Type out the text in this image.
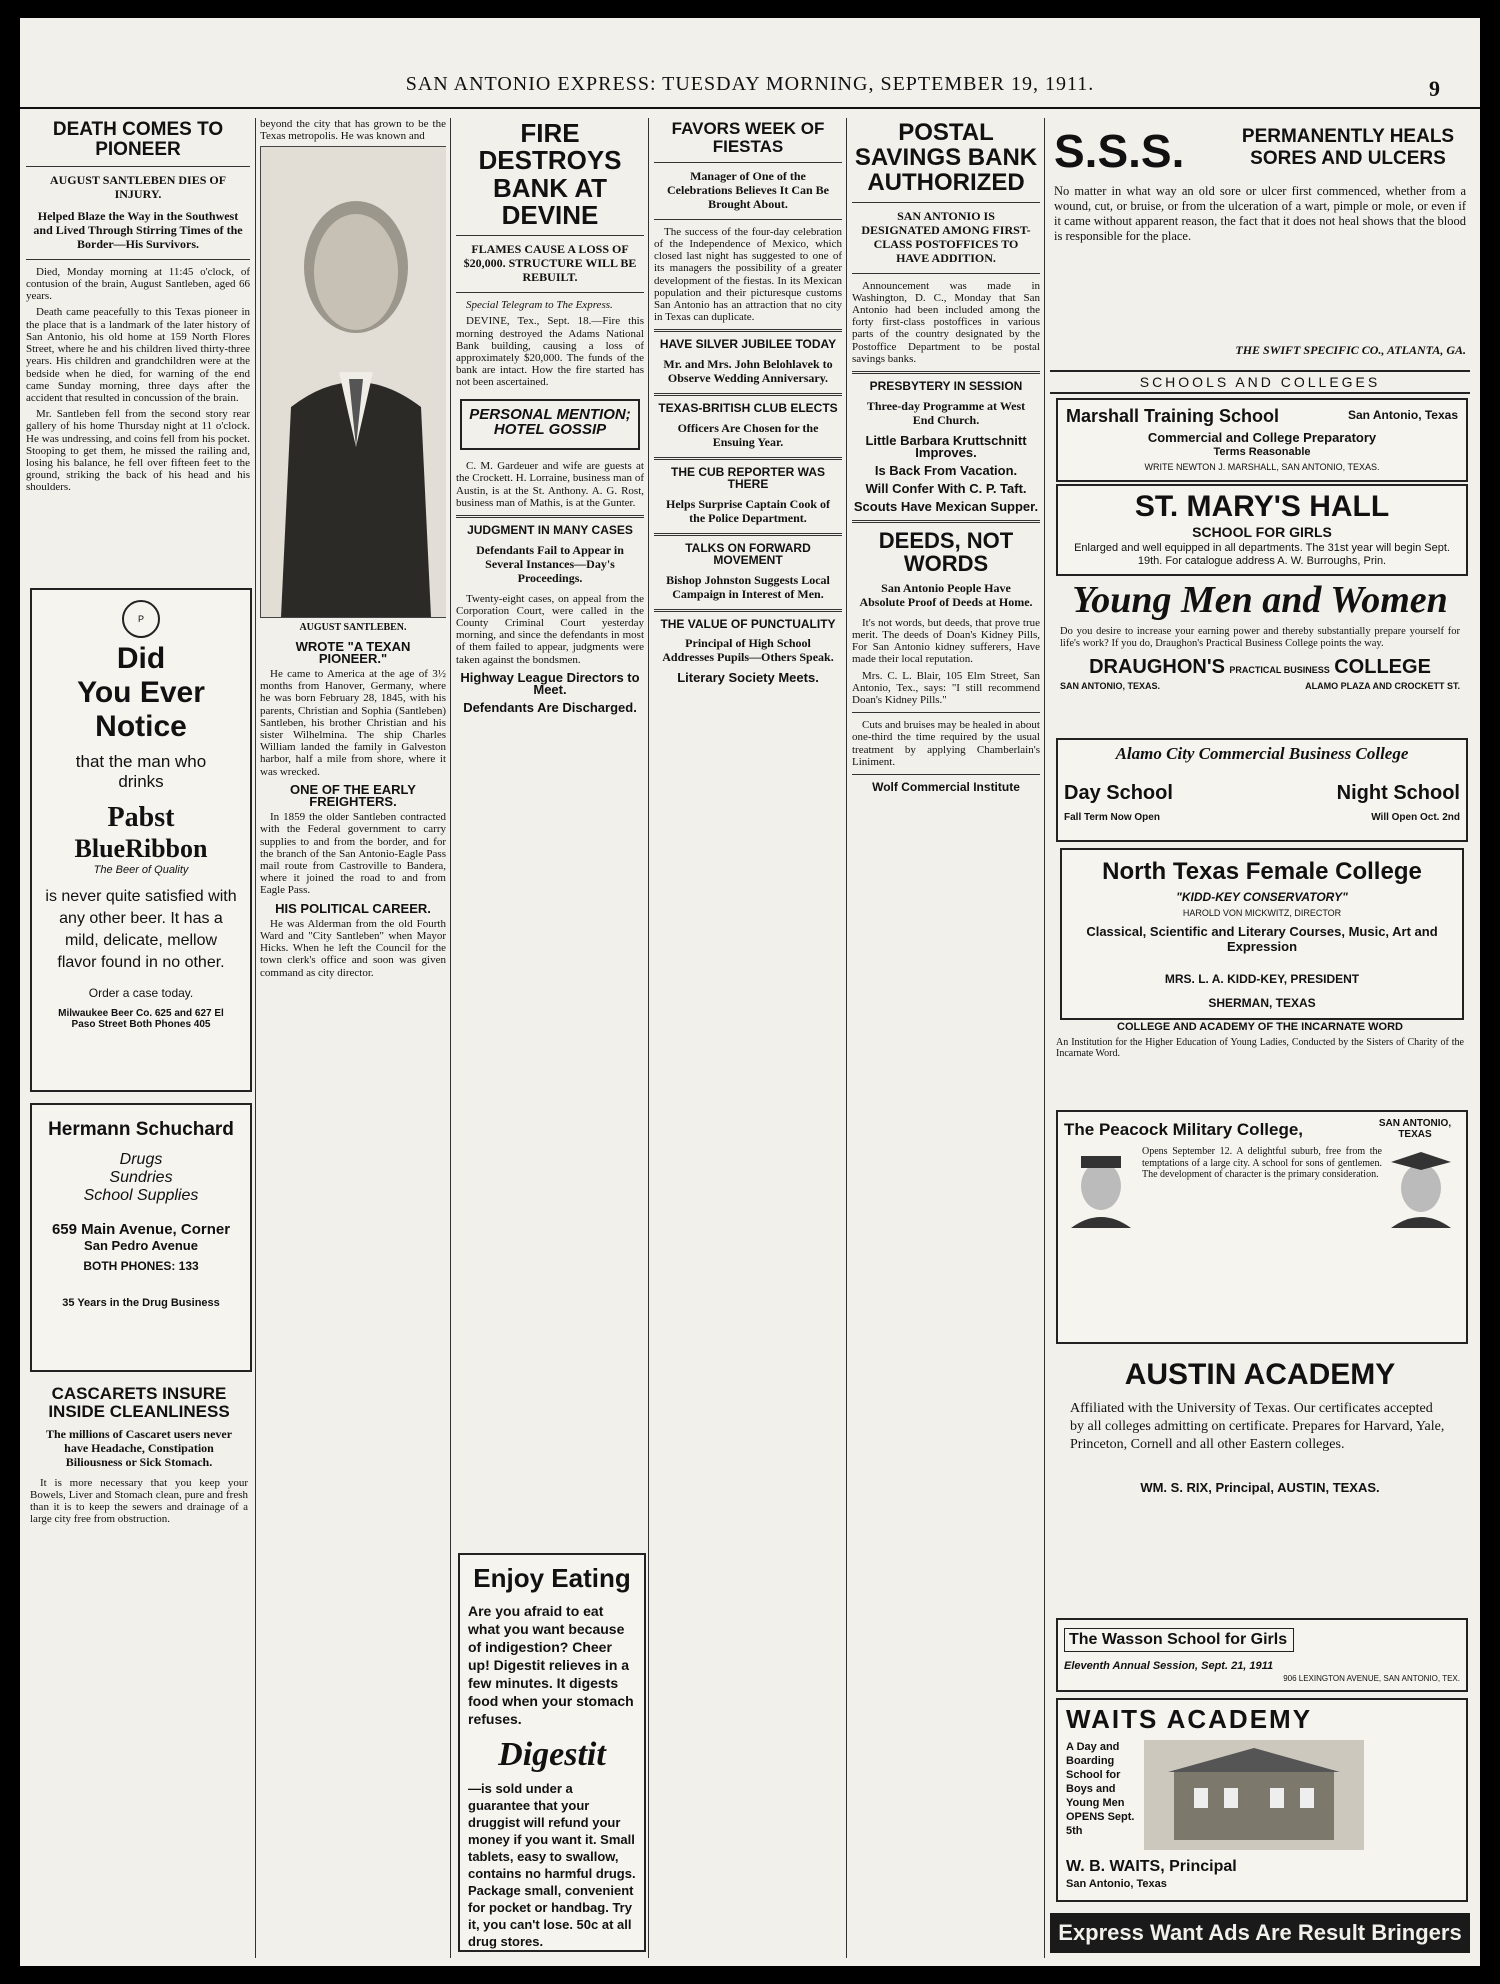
SAN ANTONIO EXPRESS: TUESDAY MORNING, SEPTEMBER 19, 1911.	9
DEATH COMES TO PIONEER
AUGUST SANTLEBEN DIES OF INJURY.
Helped Blaze the Way in the Southwest and Lived Through Stirring Times of the Border—His Survivors.

Died, Monday morning at 11:45 o'clock, of contusion of the brain, August Santleben, aged 66 years.

Death came peacefully to this Texas pioneer in the place that is a landmark of the later history of San Antonio, his old home at 159 North Flores Street, where he and his children lived thirty-three years. His children and grandchildren were at the bedside when he died, for warning of the end came Sunday morning, three days after the accident that resulted in concussion of the brain.

Mr. Santleben fell from the second story rear gallery of his home Thursday night at 11 o'clock. He was undressing, and coins fell from his pocket. Stooping to get them, he missed the railing and, losing his balance, he fell over fifteen feet to the ground, striking the back of his head and his shoulders.

P
Did
You Ever
Notice
that the man who
drinks
Pabst
BlueRibbon
The Beer of Quality
is never quite satisfied with any other beer. It has a mild, delicate, mellow flavor found in no other.
Order a case today.
Milwaukee Beer Co. 625 and 627 El Paso Street Both Phones 405
Hermann Schuchard
Drugs
Sundries
School Supplies
659 Main Avenue, Corner
San Pedro Avenue
BOTH PHONES: 133
35 Years in the Drug Business
CASCARETS INSURE INSIDE CLEANLINESS
The millions of Cascaret users never have Headache, Constipation Biliousness or Sick Stomach.

It is more necessary that you keep your Bowels, Liver and Stomach clean, pure and fresh than it is to keep the sewers and drainage of a large city free from obstruction.

beyond the city that has grown to be the Texas metropolis. He was known and

AUGUST SANTLEBEN.
WROTE "A TEXAN PIONEER."

He came to America at the age of 3½ months from Hanover, Germany, where he was born February 28, 1845, with his parents, Christian and Sophia (Santleben) Santleben, his brother Christian and his sister Wilhelmina. The ship Charles William landed the family in Galveston harbor, half a mile from shore, where it was wrecked.

ONE OF THE EARLY FREIGHTERS.

In 1859 the older Santleben contracted with the Federal government to carry supplies to and from the border, and for the branch of the San Antonio-Eagle Pass mail route from Castroville to Bandera, where it joined the road to and from Eagle Pass.

HIS POLITICAL CAREER.

He was Alderman from the old Fourth Ward and "City Santleben" when Mayor Hicks. When he left the Council for the town clerk's office and soon was given command as city director.

FIRE DESTROYS BANK AT DEVINE
FLAMES CAUSE A LOSS OF $20,000. STRUCTURE WILL BE REBUILT.

Special Telegram to The Express.

DEVINE, Tex., Sept. 18.—Fire this morning destroyed the Adams National Bank building, causing a loss of approximately $20,000. The funds of the bank are intact. How the fire started has not been ascertained.

PERSONAL MENTION; HOTEL GOSSIP

C. M. Gardeuer and wife are guests at the Crockett. H. Lorraine, business man of Austin, is at the St. Anthony. A. G. Rost, business man of Mathis, is at the Gunter.

JUDGMENT IN MANY CASES
Defendants Fail to Appear in Several Instances—Day's Proceedings.

Twenty-eight cases, on appeal from the Corporation Court, were called in the County Criminal Court yesterday morning, and since the defendants in most of them failed to appear, judgments were taken against the bondsmen.

Highway League Directors to Meet.
Defendants Are Discharged.
Enjoy Eating
Are you afraid to eat what you want because of indigestion? Cheer up! Digestit relieves in a few minutes. It digests food when your stomach refuses.
Digestit
—is sold under a guarantee that your druggist will refund your money if you want it. Small tablets, easy to swallow, contains no harmful drugs. Package small, convenient for pocket or handbag. Try it, you can't lose. 50c at all drug stores.
FAVORS WEEK OF FIESTAS
Manager of One of the Celebrations Believes It Can Be Brought About.

The success of the four-day celebration of the Independence of Mexico, which closed last night has suggested to one of its managers the possibility of a greater development of the fiestas. In its Mexican population and their picturesque customs San Antonio has an attraction that no city in Texas can duplicate.

HAVE SILVER JUBILEE TODAY
Mr. and Mrs. John Belohlavek to Observe Wedding Anniversary.
TEXAS-BRITISH CLUB ELECTS
Officers Are Chosen for the Ensuing Year.
THE CUB REPORTER WAS THERE
Helps Surprise Captain Cook of the Police Department.
TALKS ON FORWARD MOVEMENT
Bishop Johnston Suggests Local Campaign in Interest of Men.
THE VALUE OF PUNCTUALITY
Principal of High School Addresses Pupils—Others Speak.
Literary Society Meets.
POSTAL SAVINGS BANK AUTHORIZED
SAN ANTONIO IS DESIGNATED AMONG FIRST-CLASS POSTOFFICES TO HAVE ADDITION.

Announcement was made in Washington, D. C., Monday that San Antonio had been included among the forty first-class postoffices in various parts of the country designated by the Postoffice Department to be postal savings banks.

PRESBYTERY IN SESSION
Three-day Programme at West End Church.
Little Barbara Kruttschnitt Improves.
Is Back From Vacation.
Will Confer With C. P. Taft.
Scouts Have Mexican Supper.
DEEDS, NOT WORDS
San Antonio People Have Absolute Proof of Deeds at Home.

It's not words, but deeds, that prove true merit. The deeds of Doan's Kidney Pills, For San Antonio kidney sufferers, Have made their local reputation.

Mrs. C. L. Blair, 105 Elm Street, San Antonio, Tex., says: "I still recommend Doan's Kidney Pills."

Cuts and bruises may be healed in about one-third the time required by the usual treatment by applying Chamberlain's Liniment.

Wolf Commercial Institute
S.S.S.	PERMANENTLY HEALS SORES AND ULCERS
No matter in what way an old sore or ulcer first commenced, whether from a wound, cut, or bruise, or from the ulceration of a wart, pimple or mole, or even if it came without apparent reason, the fact that it does not heal shows that the blood is responsible for the place.
THE SWIFT SPECIFIC CO., ATLANTA, GA.
SCHOOLS AND COLLEGES
Marshall Training School	San Antonio, Texas
Commercial and College Preparatory
Terms Reasonable
WRITE NEWTON J. MARSHALL, SAN ANTONIO, TEXAS.
ST. MARY'S HALL
SCHOOL FOR GIRLS
Enlarged and well equipped in all departments. The 31st year will begin Sept. 19th. For catalogue address A. W. Burroughs, Prin.
Young Men and Women
Do you desire to increase your earning power and thereby substantially prepare yourself for life's work? If you do, Draughon's Practical Business College points the way.
DRAUGHON'S PRACTICAL BUSINESS COLLEGE
SAN ANTONIO, TEXAS.	ALAMO PLAZA AND CROCKETT ST.
Alamo City Commercial Business College
Day School	Night School
Fall Term Now Open	Will Open Oct. 2nd
North Texas Female College
"KIDD-KEY CONSERVATORY"
HAROLD VON MICKWITZ, DIRECTOR
Classical, Scientific and Literary Courses, Music, Art and Expression
MRS. L. A. KIDD-KEY, PRESIDENT
SHERMAN, TEXAS
COLLEGE AND ACADEMY OF THE INCARNATE WORD
An Institution for the Higher Education of Young Ladies, Conducted by the Sisters of Charity of the Incarnate Word.
The Peacock Military College,	SAN ANTONIO, TEXAS
Opens September 12. A delightful suburb, free from the temptations of a large city. A school for sons of gentlemen. The development of character is the primary consideration.
AUSTIN ACADEMY
Affiliated with the University of Texas. Our certificates accepted by all colleges admitting on certificate. Prepares for Harvard, Yale, Princeton, Cornell and all other Eastern colleges.
WM. S. RIX, Principal, AUSTIN, TEXAS.
The Wasson School for Girls
Eleventh Annual Session, Sept. 21, 1911
906 LEXINGTON AVENUE, SAN ANTONIO, TEX.
WAITS ACADEMY
A Day and Boarding School for Boys and Young Men OPENS Sept. 5th
W. B. WAITS, Principal
San Antonio, Texas
Express Want Ads Are Result Bringers
